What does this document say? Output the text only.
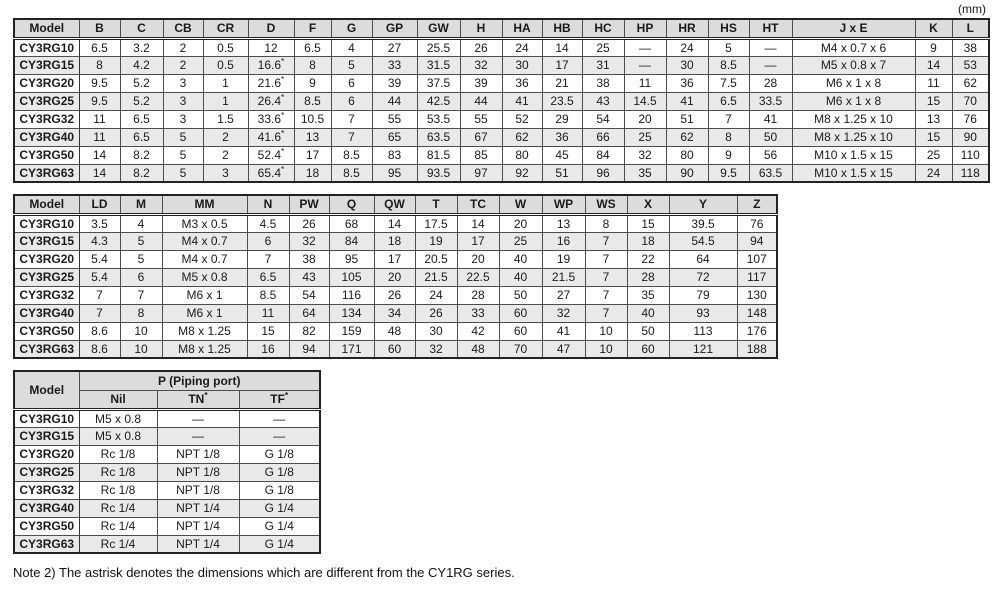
(mm)
Model	B	C	CB	CR	D	F	G	GP	GW	H	HA	HB	HC	HP	HR	HS	HT	J x E	K	L
CY3RG10	6.5	3.2	2	0.5	12	6.5	4	27	25.5	26	24	14	25	—	24	5	—	M4 x 0.7 x 6	9	38
CY3RG15	8	4.2	2	0.5	16.6*	8	5	33	31.5	32	30	17	31	—	30	8.5	—	M5 x 0.8 x 7	14	53
CY3RG20	9.5	5.2	3	1	21.6*	9	6	39	37.5	39	36	21	38	11	36	7.5	28	M6 x 1 x 8	11	62
CY3RG25	9.5	5.2	3	1	26.4*	8.5	6	44	42.5	44	41	23.5	43	14.5	41	6.5	33.5	M6 x 1 x 8	15	70
CY3RG32	11	6.5	3	1.5	33.6*	10.5	7	55	53.5	55	52	29	54	20	51	7	41	M8 x 1.25 x 10	13	76
CY3RG40	11	6.5	5	2	41.6*	13	7	65	63.5	67	62	36	66	25	62	8	50	M8 x 1.25 x 10	15	90
CY3RG50	14	8.2	5	2	52.4*	17	8.5	83	81.5	85	80	45	84	32	80	9	56	M10 x 1.5 x 15	25	110
CY3RG63	14	8.2	5	3	65.4*	18	8.5	95	93.5	97	92	51	96	35	90	9.5	63.5	M10 x 1.5 x 15	24	118
Model	LD	M	MM	N	PW	Q	QW	T	TC	W	WP	WS	X	Y	Z
CY3RG10	3.5	4	M3 x 0.5	4.5	26	68	14	17.5	14	20	13	8	15	39.5	76
CY3RG15	4.3	5	M4 x 0.7	6	32	84	18	19	17	25	16	7	18	54.5	94
CY3RG20	5.4	5	M4 x 0.7	7	38	95	17	20.5	20	40	19	7	22	64	107
CY3RG25	5.4	6	M5 x 0.8	6.5	43	105	20	21.5	22.5	40	21.5	7	28	72	117
CY3RG32	7	7	M6 x 1	8.5	54	116	26	24	28	50	27	7	35	79	130
CY3RG40	7	8	M6 x 1	11	64	134	34	26	33	60	32	7	40	93	148
CY3RG50	8.6	10	M8 x 1.25	15	82	159	48	30	42	60	41	10	50	113	176
CY3RG63	8.6	10	M8 x 1.25	16	94	171	60	32	48	70	47	10	60	121	188
Model	P (Piping port)		
	Nil	TN*	TF*
CY3RG10	M5 x 0.8	—	—
CY3RG15	M5 x 0.8	—	—
CY3RG20	Rc 1/8	NPT 1/8	G 1/8
CY3RG25	Rc 1/8	NPT 1/8	G 1/8
CY3RG32	Rc 1/8	NPT 1/8	G 1/8
CY3RG40	Rc 1/4	NPT 1/4	G 1/4
CY3RG50	Rc 1/4	NPT 1/4	G 1/4
CY3RG63	Rc 1/4	NPT 1/4	G 1/4
Note 2) The astrisk denotes the dimensions which are different from the CY1RG series.
